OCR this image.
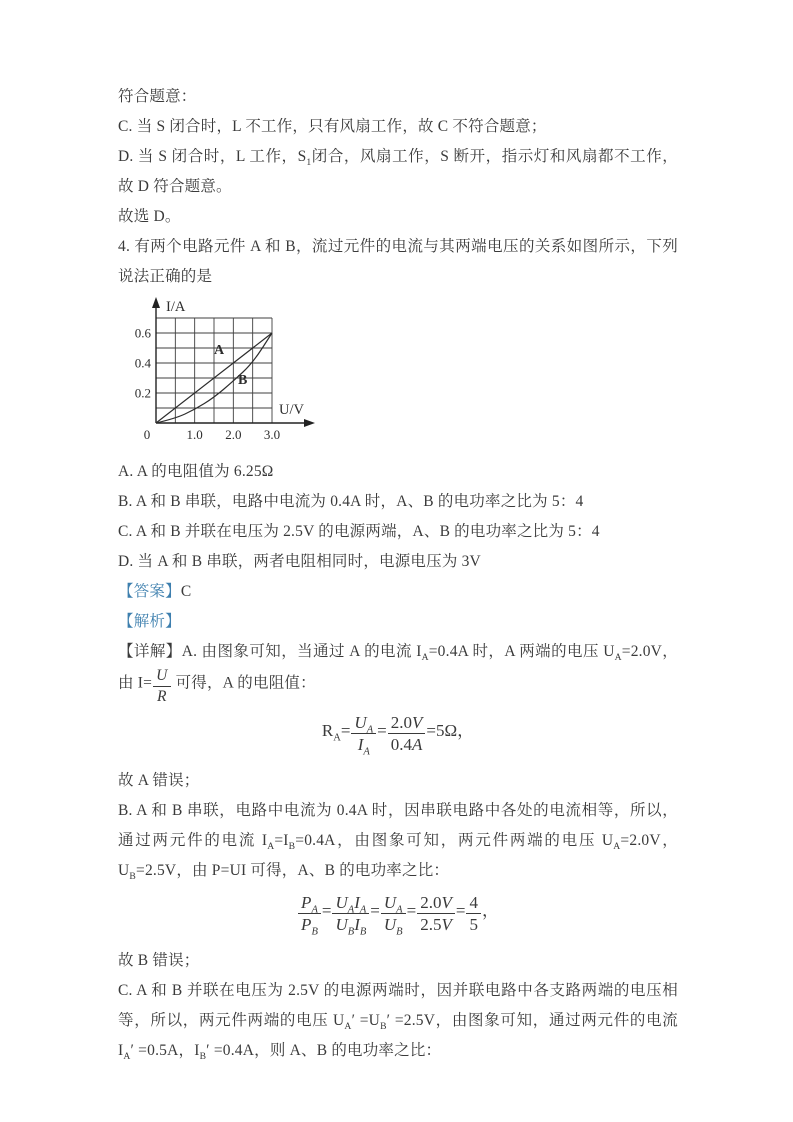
符合题意：

C. 当 S 闭合时，L 不工作，只有风扇工作，故 C 不符合题意；

D. 当 S 闭合时，L 工作，$S_1$闭合，风扇工作，S 断开，指示灯和风扇都不工作，故 D 符合题意。

故选 D。

4. 有两个电路元件 A 和 B，流过元件的电流与其两端电压的关系如图所示，下列说法正确的是

0.2
0.4
0.6
0	1.0 2.0 3.0
I/A
U/V
A
B

A. A 的电阻值为 6.25Ω

B. A 和 B 串联，电路中电流为 0.4A 时，A、B 的电功率之比为 5：4

C. A 和 B 并联在电压为 2.5V 的电源两端，A、B 的电功率之比为 5：4

D. 当 A 和 B 串联，两者电阻相同时，电源电压为 3V

【答案】C

【解析】

【详解】A. 由图象可知，当通过 A 的电流 $I_A=0.4A$ 时，A 两端的电压 $U_A=2.0V$，由 $I= \frac{U}{R}$ 可得，A 的电阻值：

$R_A= \frac{U_A}{I_A} = \frac{2.0V}{0.4A} =5\Omega$，

故 A 错误；

B. A 和 B 串联，电路中电流为 0.4A 时，因串联电路中各处的电流相等，所以，通过两元件的电流 $I_A=I_B=0.4A$，由图象可知，两元件两端的电压 $U_A=2.0V$，$U_B=2.5V$，由 P=UI 可得，A、B 的电功率之比：

$\frac{P_A}{P_B} = \frac{U_AI_A}{U_BI_B} = \frac{U_A}{U_B} = \frac{2.0V}{2.5V} = \frac{4}{5}$ ，

故 B 错误；

C. A 和 B 并联在电压为 2.5V 的电源两端时，因并联电路中各支路两端的电压相等，所以，两元件两端的电压 $U_A' =U_B' =2.5V$，由图象可知，通过两元件的电流 $I_A' =0.5A$，$I_B' =0.4A$，则 A、B 的电功率之比：
